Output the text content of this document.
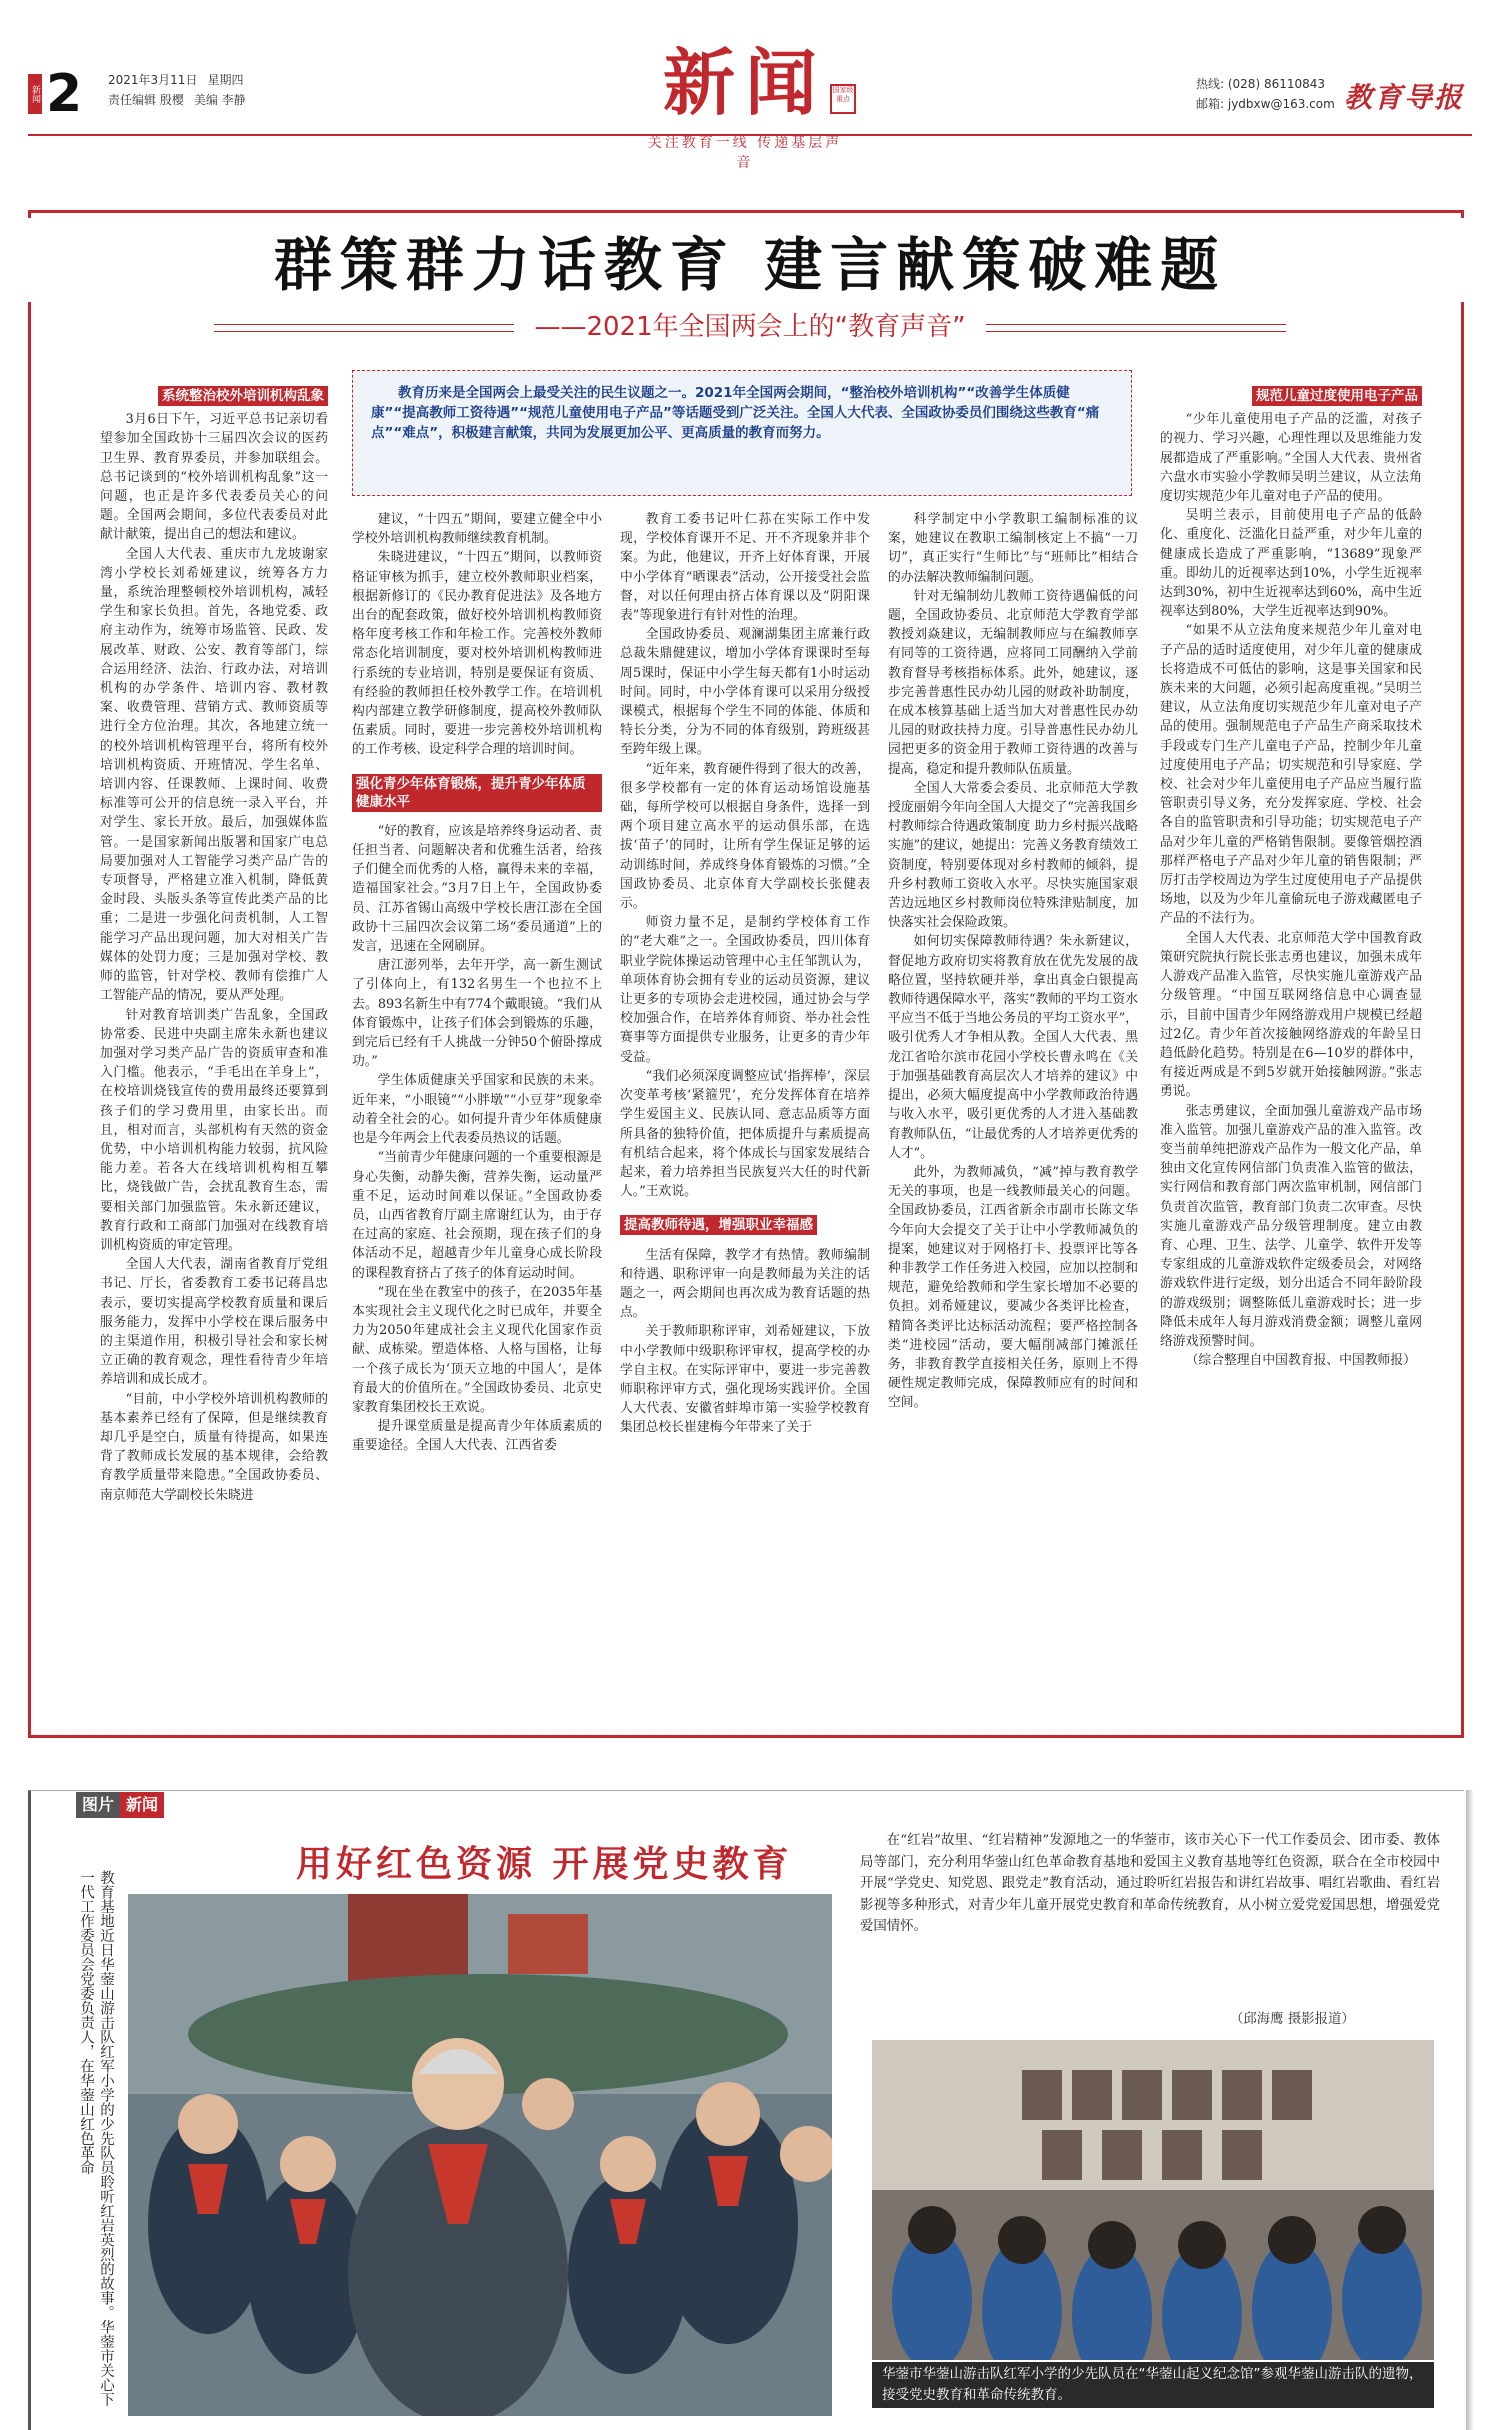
新闻 2 2021年3月11日 星期四
责任编辑 殷樱 美编 李静	新闻 国家级重点
关注教育一线 传递基层声音
热线: (028) 86110843
邮箱: jydbxw@163.com 教育导报
群策群力话教育 建言献策破难题
——2021年全国两会上的“教育声音”
系统整治校外培训机构乱象

3月6日下午，习近平总书记亲切看望参加全国政协十三届四次会议的医药卫生界、教育界委员，并参加联组会。总书记谈到的“校外培训机构乱象”这一问题，也正是许多代表委员关心的问题。全国两会期间，多位代表委员对此献计献策，提出自己的想法和建议。

全国人大代表、重庆市九龙坡谢家湾小学校长刘希娅建议，统筹各方力量，系统治理整顿校外培训机构，减轻学生和家长负担。首先，各地党委、政府主动作为，统筹市场监管、民政、发展改革、财政、公安、教育等部门，综合运用经济、法治、行政办法，对培训机构的办学条件、培训内容、教材教案、收费管理、营销方式、教师资质等进行全方位治理。其次，各地建立统一的校外培训机构管理平台，将所有校外培训机构资质、开班情况、学生名单、培训内容、任课教师、上课时间、收费标准等可公开的信息统一录入平台，并对学生、家长开放。最后，加强媒体监管。一是国家新闻出版署和国家广电总局要加强对人工智能学习类产品广告的专项督导，严格建立准入机制，降低黄金时段、头版头条等宣传此类产品的比重；二是进一步强化问责机制，人工智能学习产品出现问题，加大对相关广告媒体的处罚力度；三是加强对学校、教师的监管，针对学校、教师有偿推广人工智能产品的情况，要从严处理。

针对教育培训类广告乱象，全国政协常委、民进中央副主席朱永新也建议加强对学习类产品广告的资质审查和准入门槛。他表示，“手毛出在羊身上”，在校培训烧钱宣传的费用最终还要算到孩子们的学习费用里，由家长出。而且，相对而言，头部机构有天然的资金优势，中小培训机构能力较弱，抗风险能力差。若各大在线培训机构相互攀比，烧钱做广告，会扰乱教育生态，需要相关部门加强监管。朱永新还建议，教育行政和工商部门加强对在线教育培训机构资质的审定管理。

全国人大代表，湖南省教育厅党组书记、厅长，省委教育工委书记蒋昌忠表示，要切实提高学校教育质量和课后服务能力，发挥中小学校在课后服务中的主渠道作用，积极引导社会和家长树立正确的教育观念，理性看待青少年培养培训和成长成才。

“目前，中小学校外培训机构教师的基本素养已经有了保障，但是继续教育却几乎是空白，质量有待提高，如果连背了教师成长发展的基本规律，会给教育教学质量带来隐患。”全国政协委员、南京师范大学副校长朱晓进

教育历来是全国两会上最受关注的民生议题之一。2021年全国两会期间，“整治校外培训机构”“改善学生体质健康”“提高教师工资待遇”“规范儿童使用电子产品”等话题受到广泛关注。全国人大代表、全国政协委员们围绕这些教育“痛点”“难点”，积极建言献策，共同为发展更加公平、更高质量的教育而努力。

建议，“十四五”期间，要建立健全中小学校外培训机构教师继续教育机制。

朱晓进建议，“十四五”期间，以教师资格证审核为抓手，建立校外教师职业档案，根据新修订的《民办教育促进法》及各地方出台的配套政策，做好校外培训机构教师资格年度考核工作和年检工作。完善校外教师常态化培训制度，要对校外培训机构教师进行系统的专业培训，特别是要保证有资质、有经验的教师担任校外教学工作。在培训机构内部建立教学研修制度，提高校外教师队伍素质。同时，要进一步完善校外培训机构的工作考核、设定科学合理的培训时间。

强化青少年体育锻炼，提升青少年体质健康水平

“好的教育，应该是培养终身运动者、责任担当者、问题解决者和优雅生活者，给孩子们健全而优秀的人格，赢得未来的幸福，造福国家社会。”3月7日上午，全国政协委员、江苏省锡山高级中学校长唐江澎在全国政协十三届四次会议第二场“委员通道”上的发言，迅速在全网刷屏。

唐江澎列举，去年开学，高一新生测试了引体向上，有132名男生一个也拉不上去。893名新生中有774个戴眼镜。“我们从体育锻炼中，让孩子们体会到锻炼的乐趣，到完后已经有千人挑战一分钟50个俯卧撑成功。”

学生体质健康关乎国家和民族的未来。近年来，“小眼镜”“小胖墩”“小豆芽”现象牵动着全社会的心。如何提升青少年体质健康也是今年两会上代表委员热议的话题。

“当前青少年健康问题的一个重要根源是身心失衡，动静失衡，营养失衡，运动量严重不足，运动时间难以保证。”全国政协委员，山西省教育厅副主席谢红认为，由于存在过高的家庭、社会预期，现在孩子们的身体活动不足，超越青少年儿童身心成长阶段的课程教育挤占了孩子的体育运动时间。

“现在坐在教室中的孩子，在2035年基本实现社会主义现代化之时已成年，并要全力为2050年建成社会主义现代化国家作贡献、成栋梁。塑造体格、人格与国格，让每一个孩子成长为‘顶天立地的中国人’，是体育最大的价值所在。”全国政协委员、北京史家教育集团校长王欢说。

提升课堂质量是提高青少年体质素质的重要途径。全国人大代表、江西省委

教育工委书记叶仁荪在实际工作中发现，学校体育课开不足、开不齐现象并非个案。为此，他建议，开齐上好体育课，开展中小学体育“晒课表”活动，公开接受社会监督，对以任何理由挤占体育课以及“阴阳课表”等现象进行有针对性的治理。

全国政协委员、观澜湖集团主席兼行政总裁朱鼎健建议，增加小学体育课课时至每周5课时，保证中小学生每天都有1小时运动时间。同时，中小学体育课可以采用分级授课模式，根据每个学生不同的体能、体质和特长分类，分为不同的体育级别，跨班级甚至跨年级上课。

“近年来，教育硬件得到了很大的改善，很多学校都有一定的体育运动场馆设施基础，每所学校可以根据自身条件，选择一到两个项目建立高水平的运动俱乐部，在选拔‘苗子’的同时，让所有学生保证足够的运动训练时间，养成终身体育锻炼的习惯。”全国政协委员、北京体育大学副校长张健表示。

师资力量不足，是制约学校体育工作的“老大难”之一。全国政协委员，四川体育职业学院体操运动管理中心主任邹凯认为，单项体育协会拥有专业的运动员资源，建议让更多的专项协会走进校园，通过协会与学校加强合作，在培养体育师资、举办社会性赛事等方面提供专业服务，让更多的青少年受益。

“我们必须深度调整应试‘指挥棒’，深层次变革考核‘紧箍咒’，充分发挥体育在培养学生爱国主义、民族认同、意志品质等方面所具备的独特价值，把体质提升与素质提高有机结合起来，将个体成长与国家发展结合起来，着力培养担当民族复兴大任的时代新人。”王欢说。

提高教师待遇，增强职业幸福感

生活有保障，教学才有热情。教师编制和待遇、职称评审一向是教师最为关注的话题之一，两会期间也再次成为教育话题的热点。

关于教师职称评审，刘希娅建议，下放中小学教师中级职称评审权，提高学校的办学自主权。在实际评审中，要进一步完善教师职称评审方式，强化现场实践评价。全国人大代表、安徽省蚌埠市第一实验学校教育集团总校长崔建梅今年带来了关于

科学制定中小学教职工编制标准的议案，她建议在教职工编制核定上不搞“一刀切”，真正实行“生师比”与“班师比”相结合的办法解决教师编制问题。

针对无编制幼儿教师工资待遇偏低的问题，全国政协委员、北京师范大学教育学部教授刘焱建议，无编制教师应与在编教师享有同等的工资待遇，应将同工同酬纳入学前教育督导考核指标体系。此外，她建议，逐步完善普惠性民办幼儿园的财政补助制度，在成本核算基础上适当加大对普惠性民办幼儿园的财政扶持力度。引导普惠性民办幼儿园把更多的资金用于教师工资待遇的改善与提高，稳定和提升教师队伍质量。

全国人大常委会委员、北京师范大学教授庞丽娟今年向全国人大提交了“完善我国乡村教师综合待遇政策制度 助力乡村振兴战略实施”的建议，她提出：完善义务教育绩效工资制度，特别要体现对乡村教师的倾斜，提升乡村教师工资收入水平。尽快实施国家艰苦边远地区乡村教师岗位特殊津贴制度，加快落实社会保险政策。

如何切实保障教师待遇？朱永新建议，督促地方政府切实将教育放在优先发展的战略位置，坚持软硬并举，拿出真金白银提高教师待遇保障水平，落实“教师的平均工资水平应当不低于当地公务员的平均工资水平”，吸引优秀人才争相从教。全国人大代表、黑龙江省哈尔滨市花园小学校长曹永鸣在《关于加强基础教育高层次人才培养的建议》中提出，必须大幅度提高中小学教师政治待遇与收入水平，吸引更优秀的人才进入基础教育教师队伍，“让最优秀的人才培养更优秀的人才”。

此外，为教师减负，“减”掉与教育教学无关的事项，也是一线教师最关心的问题。全国政协委员，江西省新余市副市长陈文华今年向大会提交了关于让中小学教师减负的提案，她建议对于网格打卡、投票评比等各种非教学工作任务进入校园，应加以控制和规范，避免给教师和学生家长增加不必要的负担。刘希娅建议，要减少各类评比检查，精简各类评比达标活动流程；要严格控制各类“进校园”活动，要大幅削减部门摊派任务，非教育教学直接相关任务，原则上不得硬性规定教师完成，保障教师应有的时间和空间。

规范儿童过度使用电子产品

“少年儿童使用电子产品的泛滥，对孩子的视力、学习兴趣，心理性理以及思维能力发展都造成了严重影响。”全国人大代表、贵州省六盘水市实验小学教师吴明兰建议，从立法角度切实规范少年儿童对电子产品的使用。

吴明兰表示，目前使用电子产品的低龄化、重度化、泛滥化日益严重，对少年儿童的健康成长造成了严重影响，“13689”现象严重。即幼儿的近视率达到10%，小学生近视率达到30%，初中生近视率达到60%，高中生近视率达到80%，大学生近视率达到90%。

“如果不从立法角度来规范少年儿童对电子产品的适时适度使用，对少年儿童的健康成长将造成不可低估的影响，这是事关国家和民族未来的大问题，必须引起高度重视。”吴明兰建议，从立法角度切实规范少年儿童对电子产品的使用。强制规范电子产品生产商采取技术手段或专门生产儿童电子产品，控制少年儿童过度使用电子产品；切实规范和引导家庭、学校、社会对少年儿童使用电子产品应当履行监管职责引导义务，充分发挥家庭、学校、社会各自的监管职责和引导功能；切实规范电子产品对少年儿童的严格销售限制。要像管烟控酒那样严格电子产品对少年儿童的销售限制；严厉打击学校周边为学生过度使用电子产品提供场地，以及为少年儿童偷玩电子游戏藏匿电子产品的不法行为。

全国人大代表、北京师范大学中国教育政策研究院执行院长张志勇也建议，加强未成年人游戏产品准入监管，尽快实施儿童游戏产品分级管理。“中国互联网络信息中心调查显示，目前中国青少年网络游戏用户规模已经超过2亿。青少年首次接触网络游戏的年龄呈日趋低龄化趋势。特别是在6—10岁的群体中，有接近两成是不到5岁就开始接触网游。”张志勇说。

张志勇建议，全面加强儿童游戏产品市场准入监管。加强儿童游戏产品的准入监管。改变当前单纯把游戏产品作为一般文化产品，单独由文化宣传网信部门负责准入监管的做法，实行网信和教育部门两次监审机制，网信部门负责首次监管，教育部门负责二次审查。尽快实施儿童游戏产品分级管理制度。建立由教育、心理、卫生、法学、儿童学、软件开发等专家组成的儿童游戏软件定级委员会，对网络游戏软件进行定级，划分出适合不同年龄阶段的游戏级别；调整陈低儿童游戏时长；进一步降低未成年人每月游戏消费金额；调整儿童网络游戏预警时间。

（综合整理自中国教育报、中国教师报）

图片 新闻
用好红色资源 开展党史教育
在“红岩”故里、“红岩精神”发源地之一的华蓥市，该市关心下一代工作委员会、团市委、教体局等部门，充分利用华蓥山红色革命教育基地和爱国主义教育基地等红色资源，联合在全市校园中开展“学党史、知党恩、跟党走”教育活动，通过聆听红岩报告和讲红岩故事、唱红岩歌曲、看红岩影视等多种形式，对青少年儿童开展党史教育和革命传统教育，从小树立爱党爱国思想，增强爱党爱国情怀。
（邱海鹰 摄影报道）
教育基地近日华蓥山游击队红军小学的少先队员聆听红岩英烈的故事。华蓥市关心下一代工作委员会党委负责人，在华蓥山红色革命
华蓥市华蓥山游击队红军小学的少先队员在“华蓥山起义纪念馆”参观华蓥山游击队的遗物，接受党史教育和革命传统教育。
